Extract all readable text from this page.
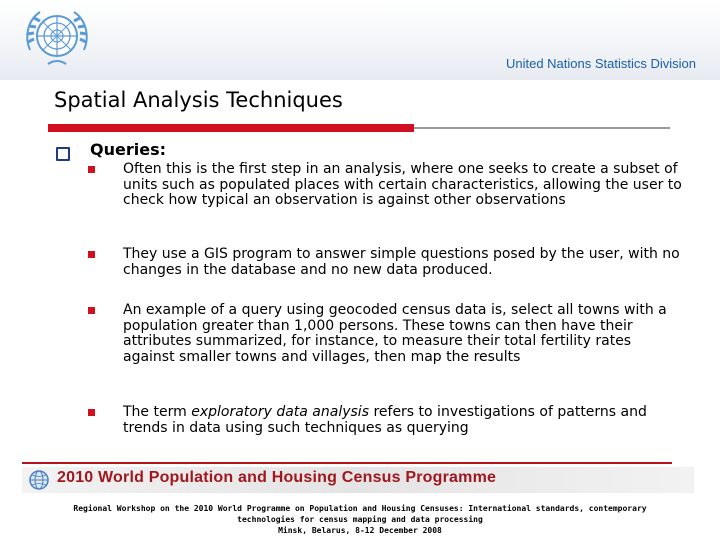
United Nations Statistics Division
Spatial Analysis Techniques
Queries:
Often this is the first step in an analysis, where one seeks to create a subset of units such as populated places with certain characteristics, allowing the user to check how typical an observation is against other observations
They use a GIS program to answer simple questions posed by the user, with no changes in the database and no new data produced.
An example of a query using geocoded census data is, select all towns with a population greater than 1,000 persons. These towns can then have their attributes summarized, for instance, to measure their total fertility rates against smaller towns and villages, then map the results
The term exploratory data analysis refers to investigations of patterns and trends in data using such techniques as querying
2010 World Population and Housing Census Programme
Regional Workshop on the 2010 World Programme on Population and Housing Censuses: International standards, contemporary
technologies for census mapping and data processing
Minsk, Belarus, 8-12 December 2008
